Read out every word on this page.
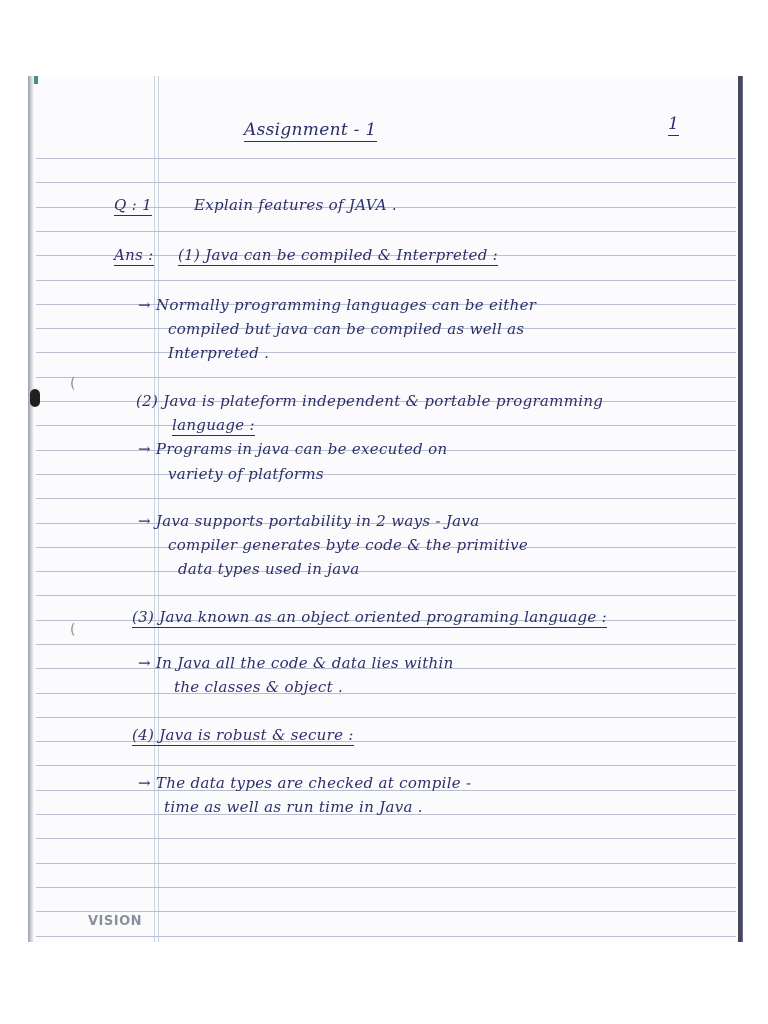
(
(
Assignment - 1	1
Q : 1	Explain features of JAVA .
Ans : (1) Java can be compiled & Interpreted :
→ Normally programming languages can be either
compiled but java can be compiled as well as
Interpreted .
(2) Java is plateform independent & portable programming
language :
→ Programs in java can be executed on
variety of platforms
→ Java supports portability in 2 ways - Java
compiler generates byte code & the primitive
data types used in java
(3) Java known as an object oriented programing language :
→ In Java all the code & data lies within
the classes & object .
(4) Java is robust & secure :
→ The data types are checked at compile -
time as well as run time in Java .
VISION
